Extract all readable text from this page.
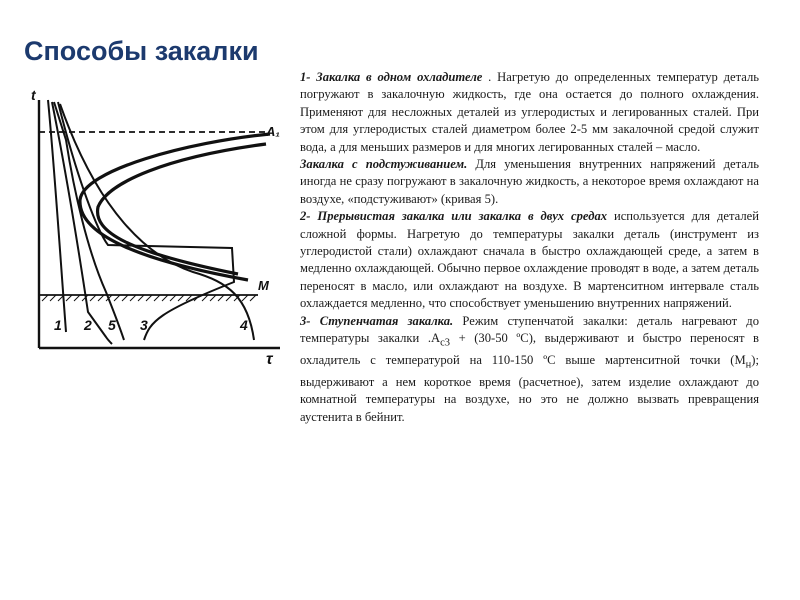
Способы закалки
t
τ
A₁
M
1 2 5 3	4

1- Закалка в одном охладителе . Нагретую до определенных температур деталь погружают в закалочную жидкость, где она остается до полного охлаждения. Применяют для несложных деталей из углеродистых и легированных сталей. При этом для углеродистых сталей диаметром более 2-5 мм закалочной средой служит вода, а для меньших размеров и для многих легированных сталей – масло.

Закалка с подстуживанием. Для уменьшения внутренних напряжений деталь иногда не сразу погружают в закалочную жидкость, а некоторое время охлаждают на воздухе, «подстуживают» (кривая 5).

2- Прерывистая закалка или закалка в двух средах используется для деталей сложной формы. Нагретую до температуры закалки деталь (инструмент из углеродистой стали) охлаждают сначала в быстро охлаждающей среде, а затем в медленно охлаждающей. Обычно первое охлаждение проводят в воде, а затем деталь переносят в масло, или охлаждают на воздухе. В мартенситном интервале сталь охлаждается медленно, что способствует уменьшению внутренних напряжений.

3- Ступенчатая закалка. Режим ступенчатой закалки: деталь нагревают до температуры закалки $.А_{с3} + (30-50$ ºС), выдерживают и быстро переносят в охладитель с температурой на 110-150 ºС выше мартенситной точки $(М_н)$; выдерживают а нем короткое время (расчетное), затем изделие охлаждают до комнатной температуры на воздухе, но это не должно вызвать превращения аустенита в бейнит.
